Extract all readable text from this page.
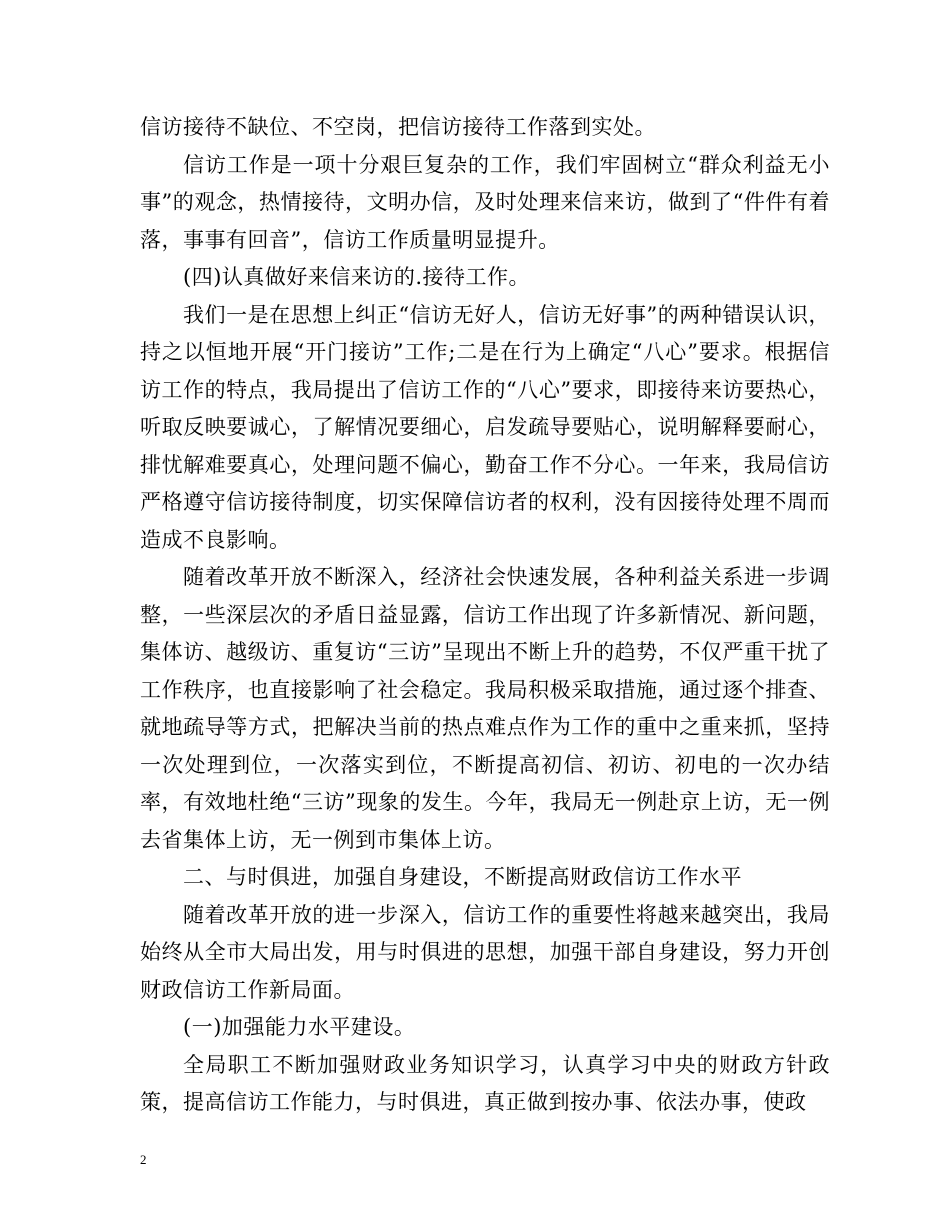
信访接待不缺位、不空岗，把信访接待工作落到实处。

信访工作是一项十分艰巨复杂的工作，我们牢固树立“群众利益无小事”的观念，热情接待，文明办信，及时处理来信来访，做到了“件件有着落，事事有回音”，信访工作质量明显提升。

(四)认真做好来信来访的.接待工作。

我们一是在思想上纠正“信访无好人，信访无好事”的两种错误认识，持之以恒地开展“开门接访”工作;二是在行为上确定“八心”要求。根据信访工作的特点，我局提出了信访工作的“八心”要求，即接待来访要热心，听取反映要诚心，了解情况要细心，启发疏导要贴心，说明解释要耐心，排忧解难要真心，处理问题不偏心，勤奋工作不分心。一年来，我局信访严格遵守信访接待制度，切实保障信访者的权利，没有因接待处理不周而造成不良影响。

随着改革开放不断深入，经济社会快速发展，各种利益关系进一步调整，一些深层次的矛盾日益显露，信访工作出现了许多新情况、新问题，集体访、越级访、重复访“三访”呈现出不断上升的趋势，不仅严重干扰了工作秩序，也直接影响了社会稳定。我局积极采取措施，通过逐个排查、就地疏导等方式，把解决当前的热点难点作为工作的重中之重来抓，坚持一次处理到位，一次落实到位，不断提高初信、初访、初电的一次办结率，有效地杜绝“三访”现象的发生。今年，我局无一例赴京上访，无一例去省集体上访，无一例到市集体上访。

二、与时俱进，加强自身建设，不断提高财政信访工作水平

随着改革开放的进一步深入，信访工作的重要性将越来越突出，我局始终从全市大局出发，用与时俱进的思想，加强干部自身建设，努力开创财政信访工作新局面。

(一)加强能力水平建设。

全局职工不断加强财政业务知识学习，认真学习中央的财政方针政策，提高信访工作能力，与时俱进，真正做到按办事、依法办事，使政

2
